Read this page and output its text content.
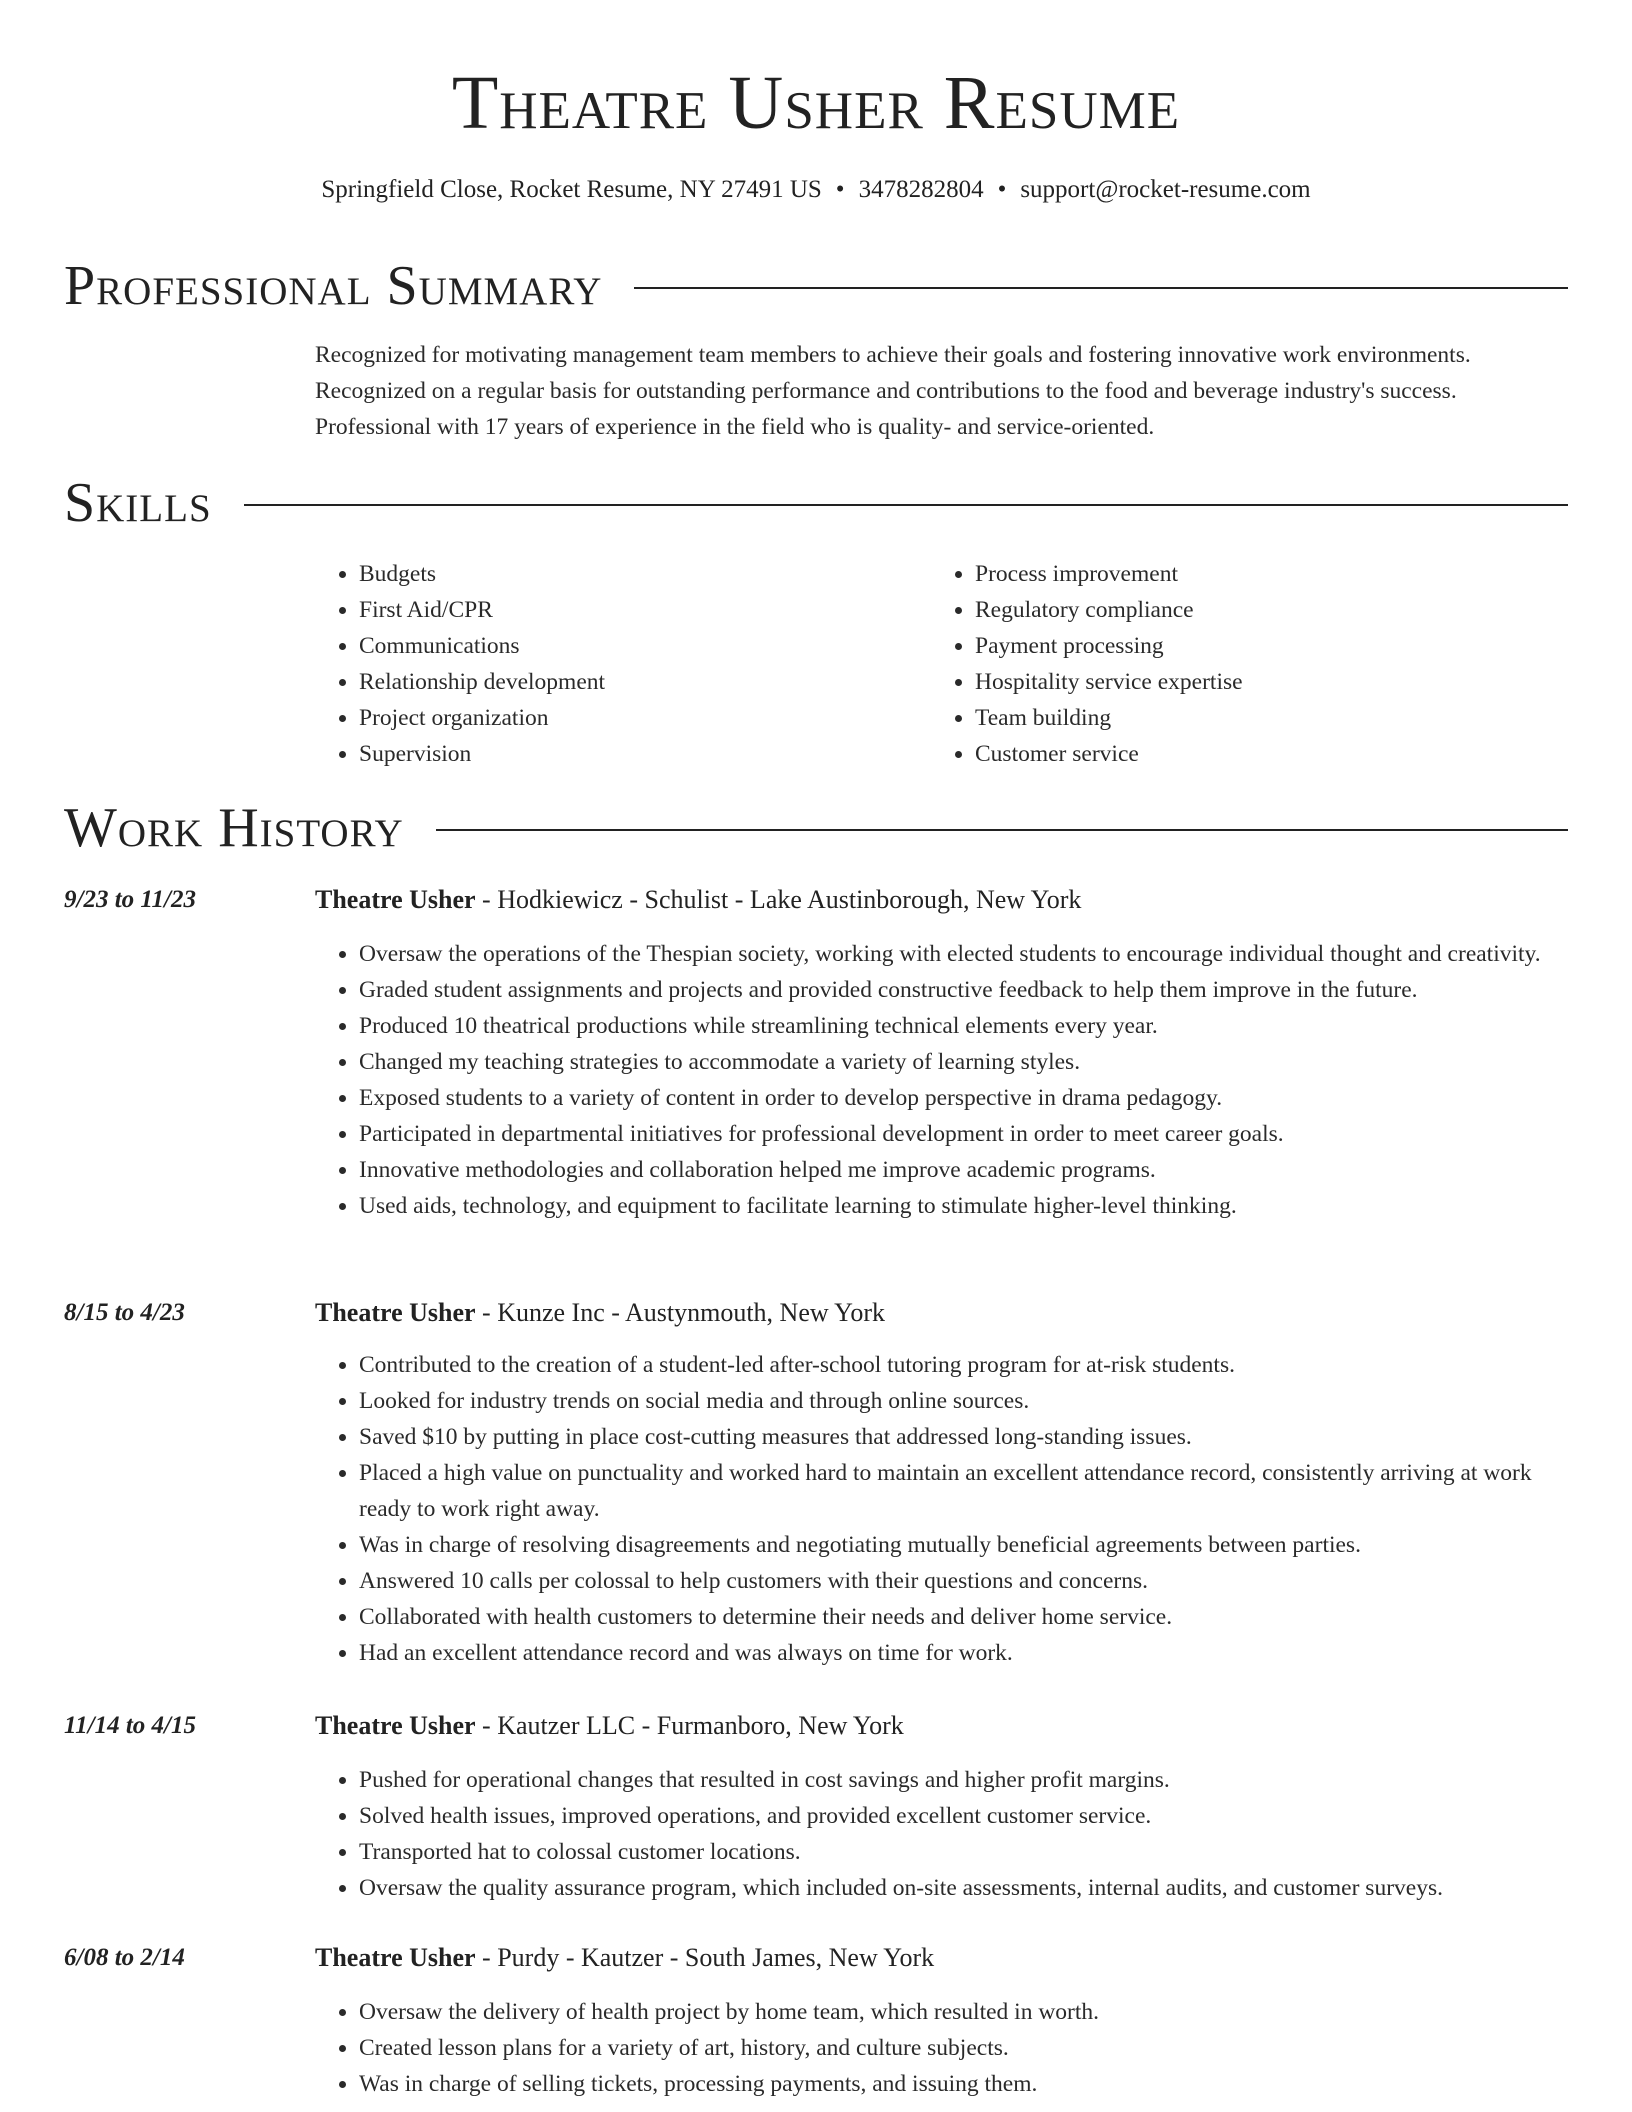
Theatre Usher Resume
Springfield Close, Rocket Resume, NY 27491 US • 3478282804 • support@rocket-resume.com
Professional Summary
Recognized for motivating management team members to achieve their goals and fostering innovative work environments. Recognized on a regular basis for outstanding performance and contributions to the food and beverage industry's success. Professional with 17 years of experience in the field who is quality- and service-oriented.
Skills
• Budgets
• First Aid/CPR
• Communications
• Relationship development
• Project organization
• Supervision
• Process improvement
• Regulatory compliance
• Payment processing
• Hospitality service expertise
• Team building
• Customer service
Work History
9/23 to 11/23	Theatre Usher - Hodkiewicz - Schulist - Lake Austinborough, New York
• Oversaw the operations of the Thespian society, working with elected students to encourage individual thought and creativity.
• Graded student assignments and projects and provided constructive feedback to help them improve in the future.
• Produced 10 theatrical productions while streamlining technical elements every year.
• Changed my teaching strategies to accommodate a variety of learning styles.
• Exposed students to a variety of content in order to develop perspective in drama pedagogy.
• Participated in departmental initiatives for professional development in order to meet career goals.
• Innovative methodologies and collaboration helped me improve academic programs.
• Used aids, technology, and equipment to facilitate learning to stimulate higher-level thinking.
8/15 to 4/23	Theatre Usher - Kunze Inc - Austynmouth, New York
• Contributed to the creation of a student-led after-school tutoring program for at-risk students.
• Looked for industry trends on social media and through online sources.
• Saved $10 by putting in place cost-cutting measures that addressed long-standing issues.
• Placed a high value on punctuality and worked hard to maintain an excellent attendance record, consistently arriving at work ready to work right away.
• Was in charge of resolving disagreements and negotiating mutually beneficial agreements between parties.
• Answered 10 calls per colossal to help customers with their questions and concerns.
• Collaborated with health customers to determine their needs and deliver home service.
• Had an excellent attendance record and was always on time for work.
11/14 to 4/15	Theatre Usher - Kautzer LLC - Furmanboro, New York
• Pushed for operational changes that resulted in cost savings and higher profit margins.
• Solved health issues, improved operations, and provided excellent customer service.
• Transported hat to colossal customer locations.
• Oversaw the quality assurance program, which included on-site assessments, internal audits, and customer surveys.
6/08 to 2/14	Theatre Usher - Purdy - Kautzer - South James, New York
• Oversaw the delivery of health project by home team, which resulted in worth.
• Created lesson plans for a variety of art, history, and culture subjects.
• Was in charge of selling tickets, processing payments, and issuing them.
